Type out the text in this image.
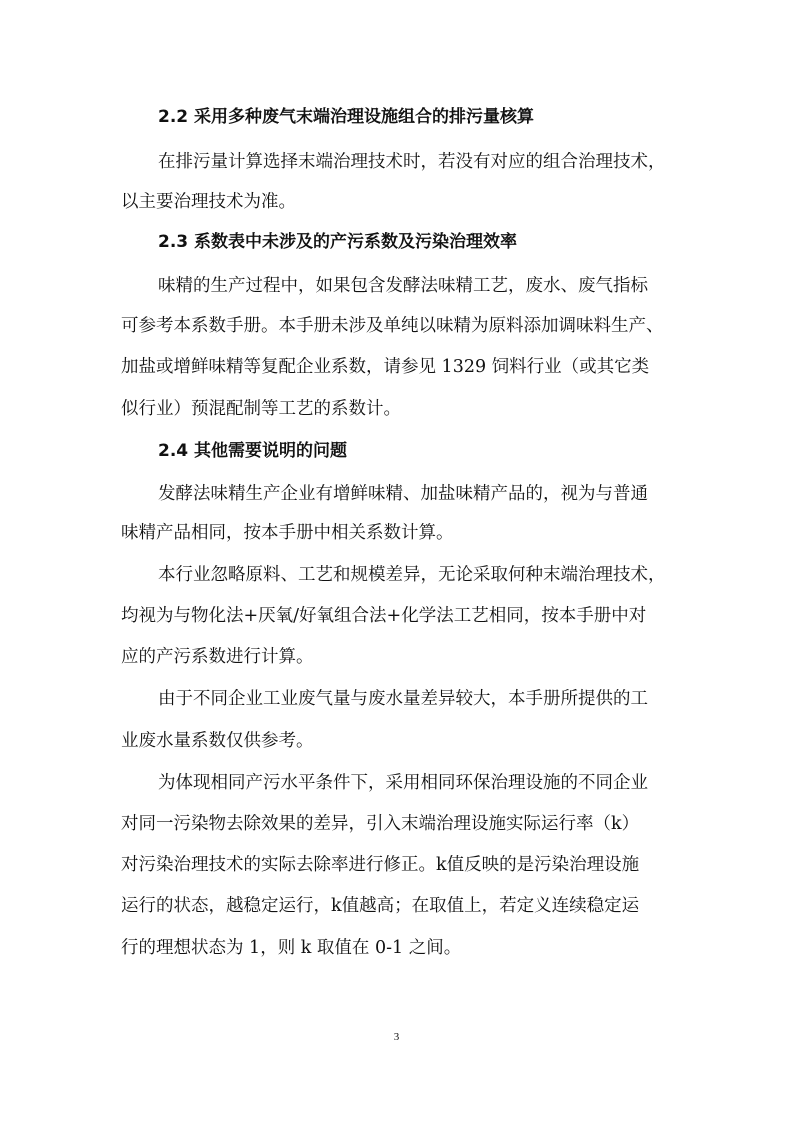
2.2 采用多种废气末端治理设施组合的排污量核算
在排污量计算选择末端治理技术时，若没有对应的组合治理技术，
以主要治理技术为准。
2.3 系数表中未涉及的产污系数及污染治理效率
味精的生产过程中，如果包含发酵法味精工艺，废水、废气指标
可参考本系数手册。本手册未涉及单纯以味精为原料添加调味料生产、
加盐或增鲜味精等复配企业系数，请参见 1329 饲料行业（或其它类
似行业）预混配制等工艺的系数计。
2.4 其他需要说明的问题
发酵法味精生产企业有增鲜味精、加盐味精产品的，视为与普通
味精产品相同，按本手册中相关系数计算。
本行业忽略原料、工艺和规模差异，无论采取何种末端治理技术，
均视为与物化法+厌氧/好氧组合法+化学法工艺相同，按本手册中对
应的产污系数进行计算。
由于不同企业工业废气量与废水量差异较大，本手册所提供的工
业废水量系数仅供参考。
为体现相同产污水平条件下，采用相同环保治理设施的不同企业
对同一污染物去除效果的差异，引入末端治理设施实际运行率（k）
对污染治理技术的实际去除率进行修正。k值反映的是污染治理设施
运行的状态，越稳定运行，k值越高；在取值上，若定义连续稳定运
行的理想状态为 1，则 k 取值在 0-1 之间。
3
